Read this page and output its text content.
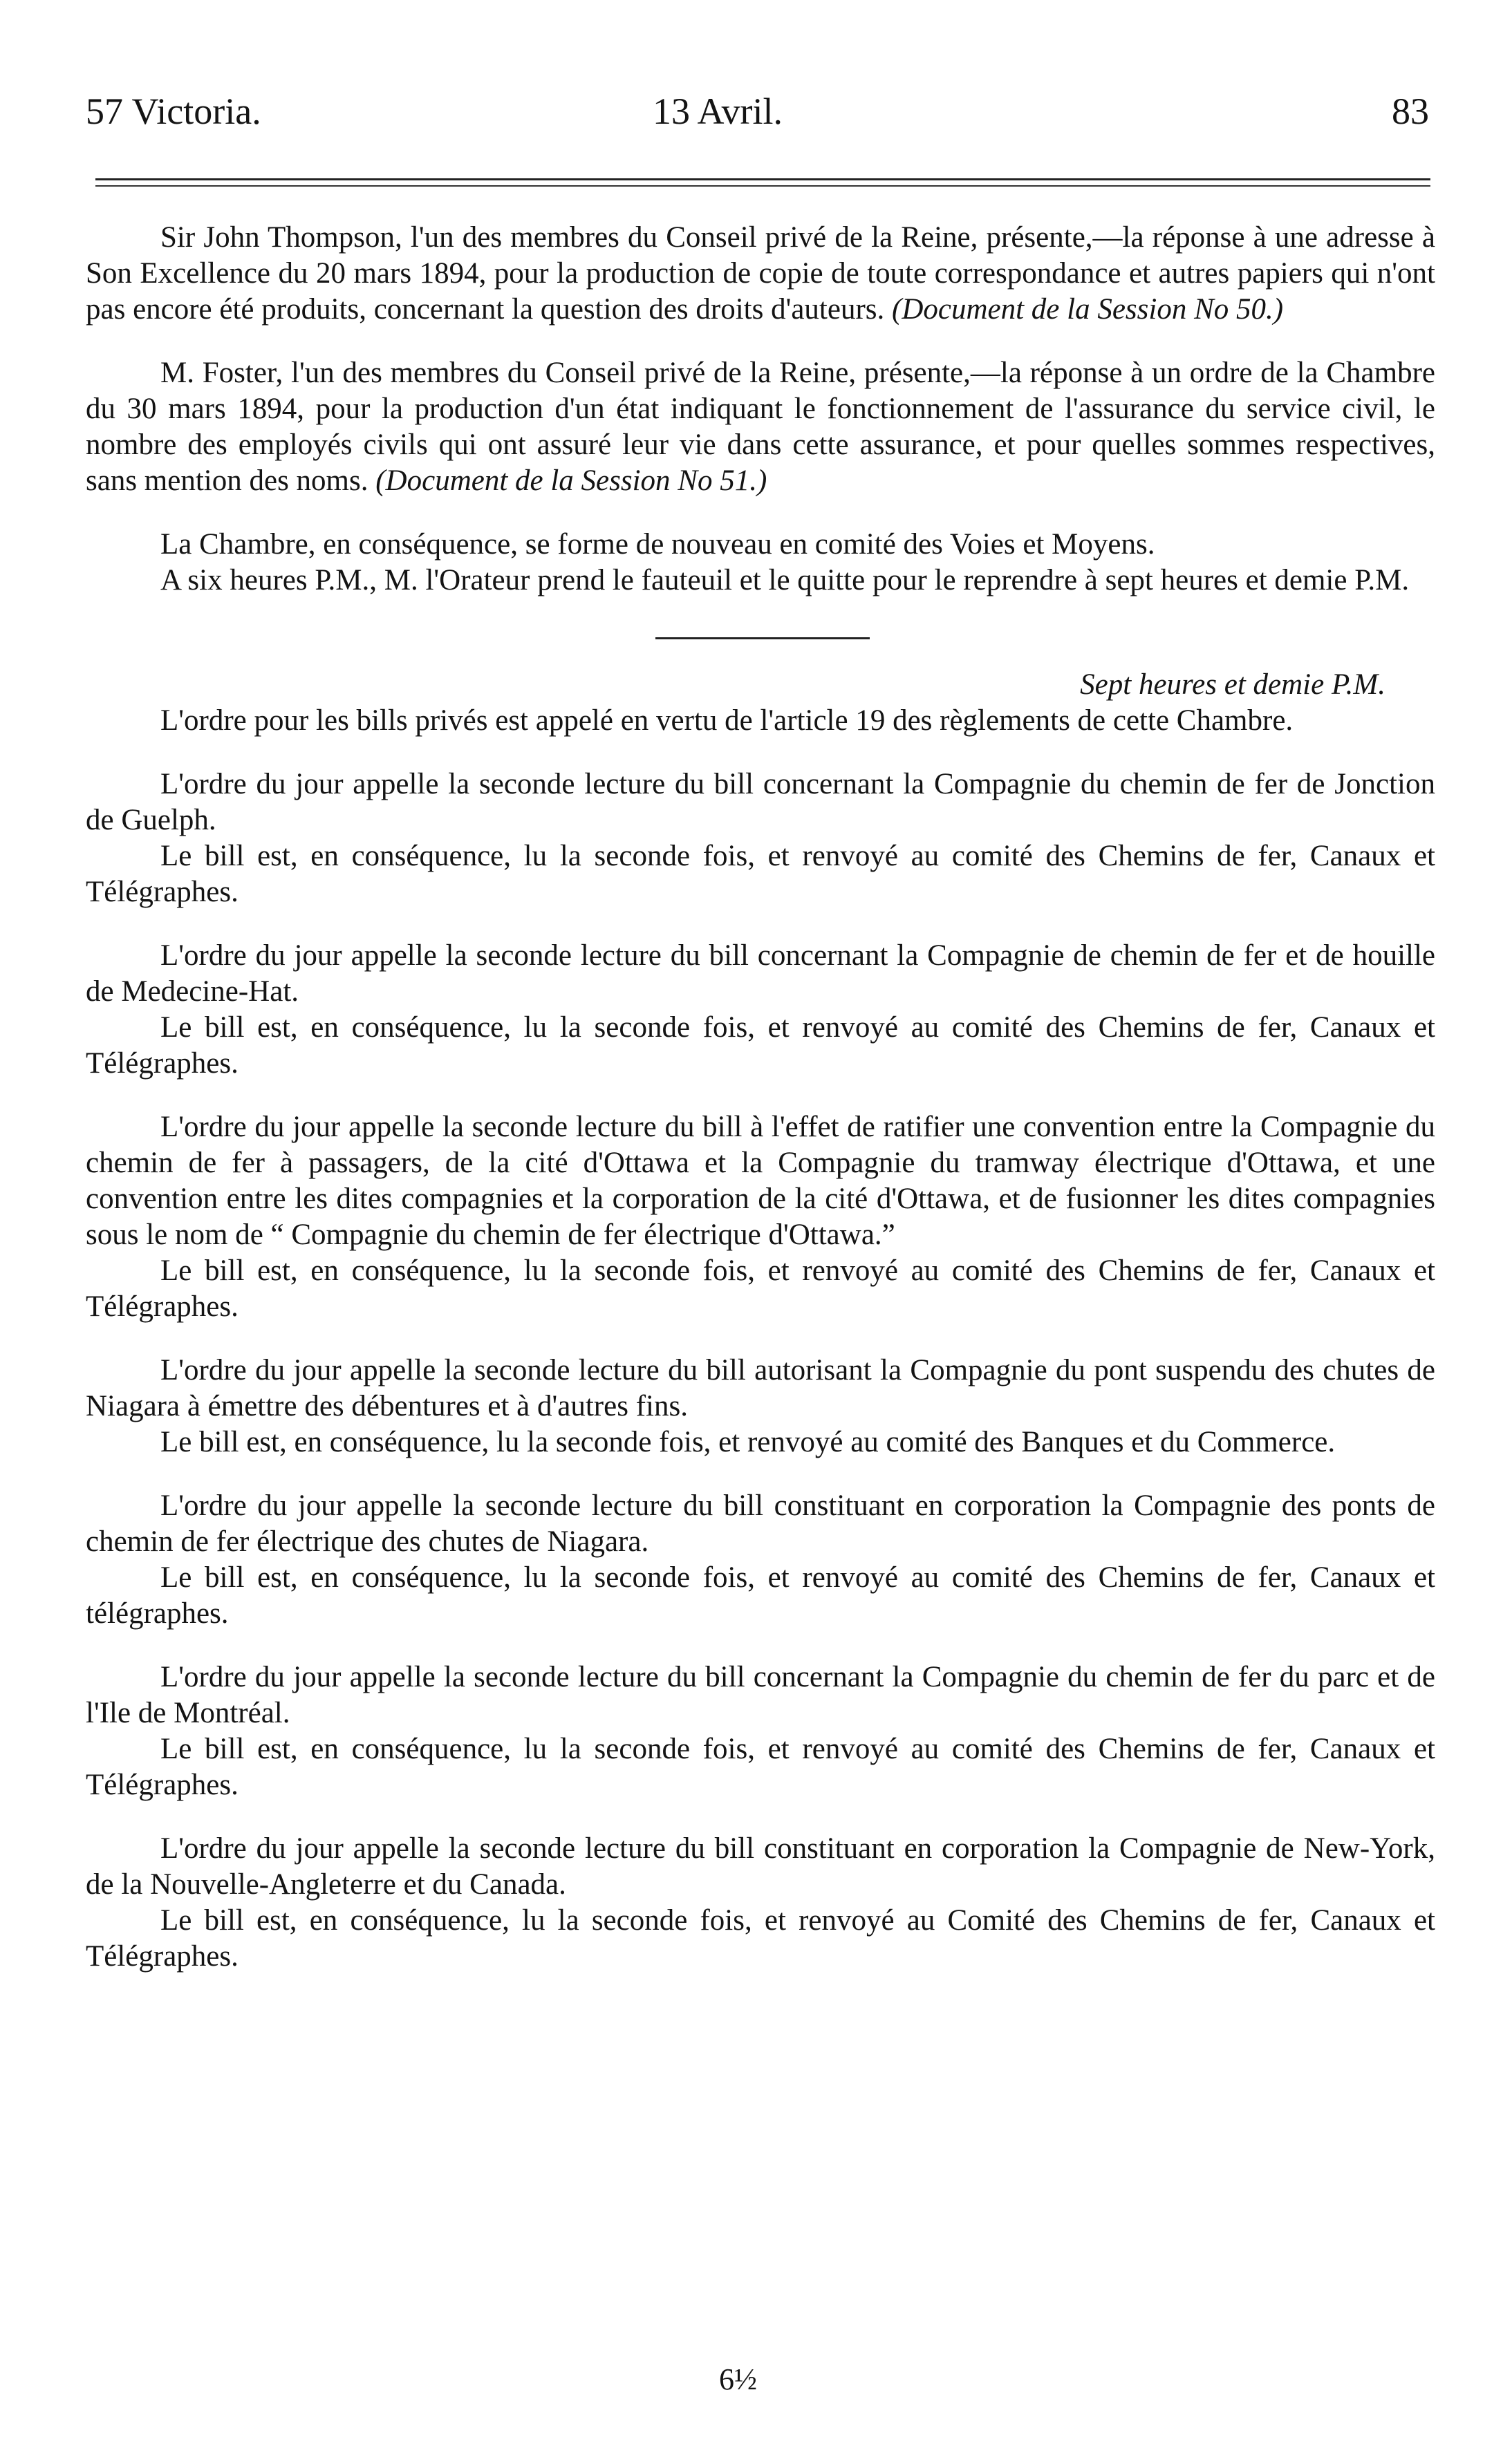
57 Victoria.	13 Avril.	83

Sir John Thompson, l'un des membres du Conseil privé de la Reine, présente,—la réponse à une adresse à Son Excellence du 20 mars 1894, pour la production de copie de toute correspondance et autres papiers qui n'ont pas encore été produits, concernant la question des droits d'auteurs. (Document de la Session No 50.)

M. Foster, l'un des membres du Conseil privé de la Reine, présente,—la réponse à un ordre de la Chambre du 30 mars 1894, pour la production d'un état indiquant le fonctionnement de l'assurance du service civil, le nombre des employés civils qui ont assuré leur vie dans cette assurance, et pour quelles sommes respectives, sans mention des noms. (Document de la Session No 51.)

La Chambre, en conséquence, se forme de nouveau en comité des Voies et Moyens.

A six heures P.M., M. l'Orateur prend le fauteuil et le quitte pour le reprendre à sept heures et demie P.M.

Sept heures et demie P.M.

L'ordre pour les bills privés est appelé en vertu de l'article 19 des règlements de cette Chambre.

L'ordre du jour appelle la seconde lecture du bill concernant la Compagnie du chemin de fer de Jonction de Guelph.

Le bill est, en conséquence, lu la seconde fois, et renvoyé au comité des Chemins de fer, Canaux et Télégraphes.

L'ordre du jour appelle la seconde lecture du bill concernant la Compagnie de chemin de fer et de houille de Medecine-Hat.

Le bill est, en conséquence, lu la seconde fois, et renvoyé au comité des Chemins de fer, Canaux et Télégraphes.

L'ordre du jour appelle la seconde lecture du bill à l'effet de ratifier une convention entre la Compagnie du chemin de fer à passagers, de la cité d'Ottawa et la Compagnie du tramway électrique d'Ottawa, et une convention entre les dites compagnies et la corporation de la cité d'Ottawa, et de fusionner les dites compagnies sous le nom de “ Compagnie du chemin de fer électrique d'Ottawa.”

Le bill est, en conséquence, lu la seconde fois, et renvoyé au comité des Chemins de fer, Canaux et Télégraphes.

L'ordre du jour appelle la seconde lecture du bill autorisant la Compagnie du pont suspendu des chutes de Niagara à émettre des débentures et à d'autres fins.

Le bill est, en conséquence, lu la seconde fois, et renvoyé au comité des Banques et du Commerce.

L'ordre du jour appelle la seconde lecture du bill constituant en corporation la Compagnie des ponts de chemin de fer électrique des chutes de Niagara.

Le bill est, en conséquence, lu la seconde fois, et renvoyé au comité des Chemins de fer, Canaux et télégraphes.

L'ordre du jour appelle la seconde lecture du bill concernant la Compagnie du chemin de fer du parc et de l'Ile de Montréal.

Le bill est, en conséquence, lu la seconde fois, et renvoyé au comité des Chemins de fer, Canaux et Télégraphes.

L'ordre du jour appelle la seconde lecture du bill constituant en corporation la Compagnie de New-York, de la Nouvelle-Angleterre et du Canada.

Le bill est, en conséquence, lu la seconde fois, et renvoyé au Comité des Chemins de fer, Canaux et Télégraphes.

6½
